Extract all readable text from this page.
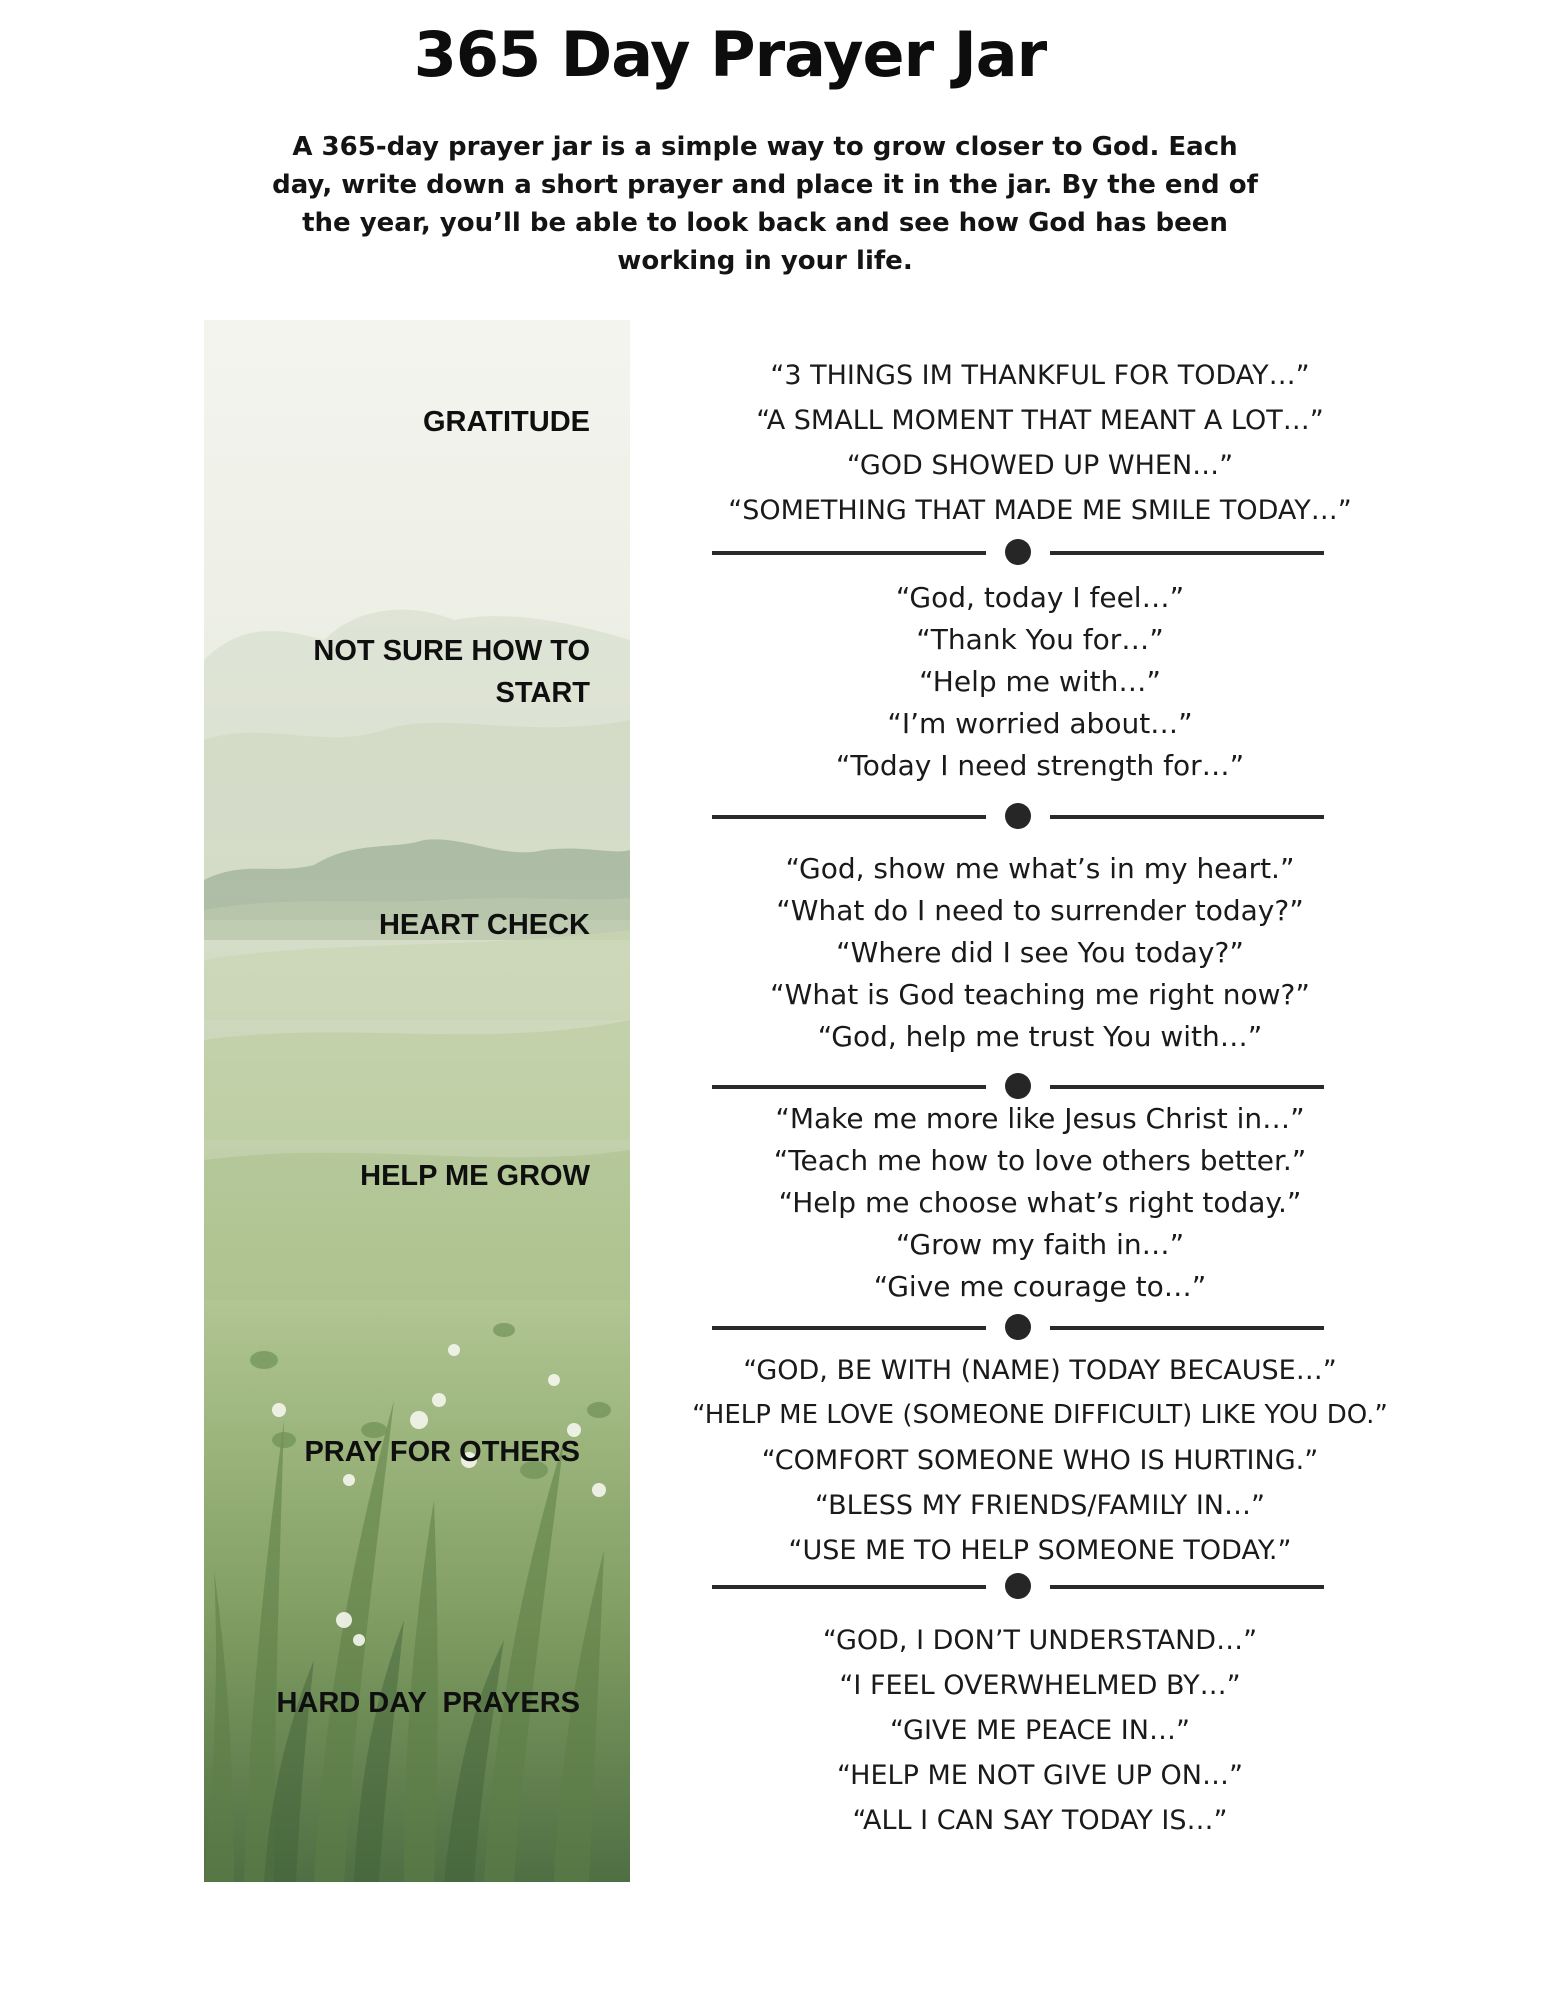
365 Day Prayer Jar
A 365-day prayer jar is a simple way to grow closer to God. Each day, write down a short prayer and place it in the jar. By the end of the year, you’ll be able to look back and see how God has been working in your life.
GRATITUDE
NOT SURE HOW TO START
HEART CHECK
HELP ME GROW
PRAY FOR OTHERS
HARD DAY  PRAYERS
“3 THINGS IM THANKFUL FOR TODAY…”
“A SMALL MOMENT THAT MEANT A LOT…”
“GOD SHOWED UP WHEN…”
“SOMETHING THAT MADE ME SMILE TODAY…”
“God, today I feel…”
“Thank You for…”
“Help me with…”
“I’m worried about…”
“Today I need strength for…”
“God, show me what’s in my heart.”
“What do I need to surrender today?”
“Where did I see You today?”
“What is God teaching me right now?”
“God, help me trust You with…”
“Make me more like Jesus Christ in…”
“Teach me how to love others better.”
“Help me choose what’s right today.”
“Grow my faith in…”
“Give me courage to…”
“GOD, BE WITH (NAME) TODAY BECAUSE…”
“HELP ME LOVE (SOMEONE DIFFICULT) LIKE YOU DO.”
“COMFORT SOMEONE WHO IS HURTING.”
“BLESS MY FRIENDS/FAMILY IN…”
“USE ME TO HELP SOMEONE TODAY.”
“GOD, I DON’T UNDERSTAND…”
“I FEEL OVERWHELMED BY…”
“GIVE ME PEACE IN…”
“HELP ME NOT GIVE UP ON…”
“ALL I CAN SAY TODAY IS…”
